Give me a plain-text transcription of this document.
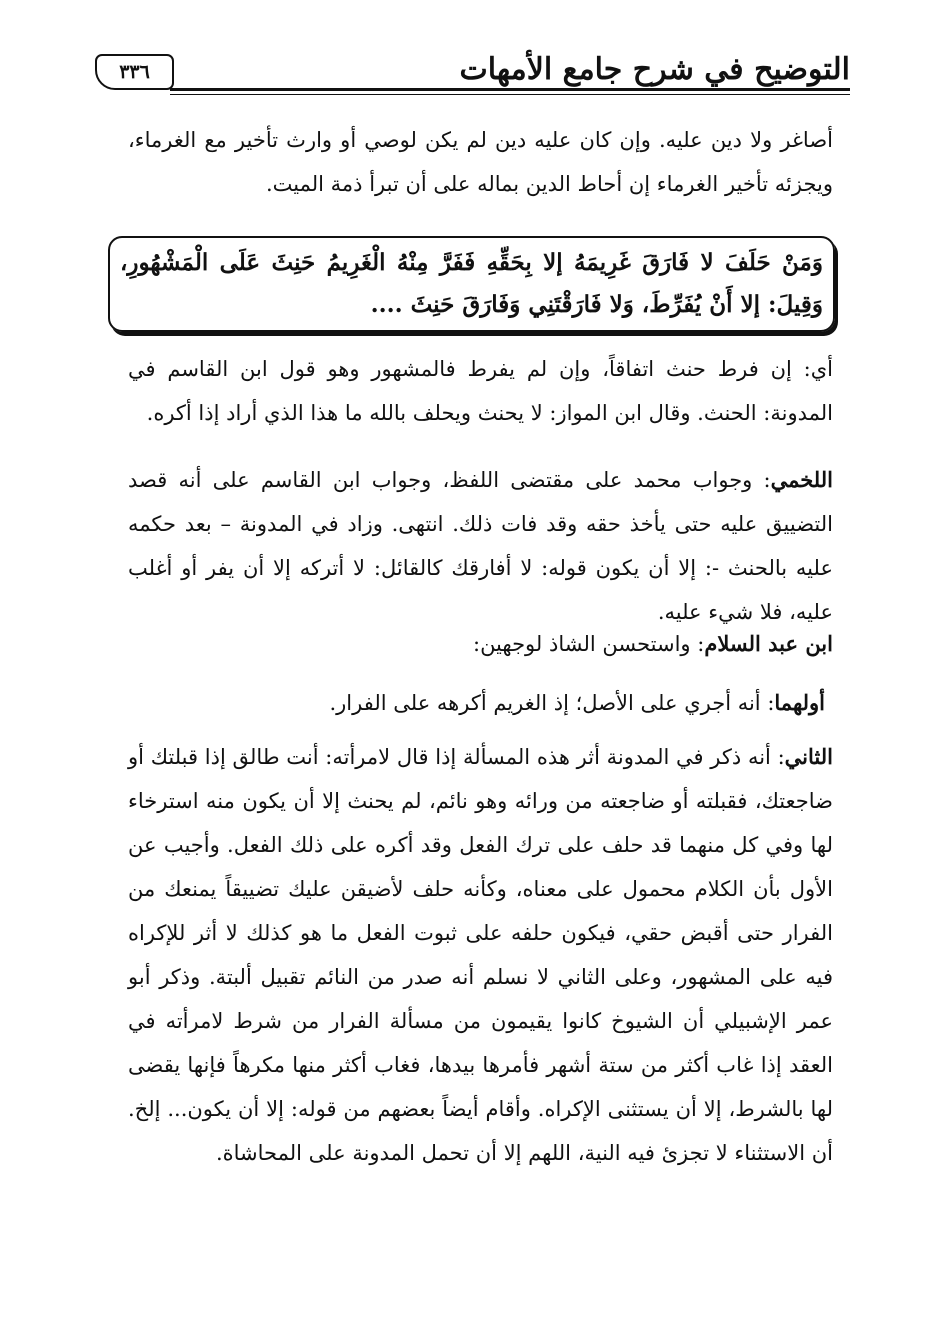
٣٣٦	التوضيح في شرح جامع الأمهات
أصاغر ولا دين عليه. وإن كان عليه دين لم يكن لوصي أو وارث تأخير مع الغرماء، ويجزئه تأخير الغرماء إن أحاط الدين بماله على أن تبرأ ذمة الميت.
وَمَنْ حَلَفَ لا فَارَقَ غَرِيمَهُ إلا بِحَقِّهِ فَفَرَّ مِنْهُ الْغَرِيمُ حَنِثَ عَلَى الْمَشْهُورِ، وَقِيلَ: إلا أَنْ يُفَرِّطَ، وَلا فَارَقْتَنِي وَفَارَقَ حَنِثَ ....
أي: إن فرط حنث اتفاقاً، وإن لم يفرط فالمشهور وهو قول ابن القاسم في المدونة: الحنث. وقال ابن المواز: لا يحنث ويحلف بالله ما هذا الذي أراد إذا أكره.
اللخمي: وجواب محمد على مقتضى اللفظ، وجواب ابن القاسم على أنه قصد التضييق عليه حتى يأخذ حقه وقد فات ذلك. انتهى. وزاد في المدونة – بعد حكمه عليه بالحنث -: إلا أن يكون قوله: لا أفارقك كالقائل: لا أتركه إلا أن يفر أو أغلب عليه، فلا شيء عليه.
ابن عبد السلام: واستحسن الشاذ لوجهين:
أولهما: أنه أجري على الأصل؛ إذ الغريم أكرهه على الفرار.
الثاني: أنه ذكر في المدونة أثر هذه المسألة إذا قال لامرأته: أنت طالق إذا قبلتك أو ضاجعتك، فقبلته أو ضاجعته من ورائه وهو نائم، لم يحنث إلا أن يكون منه استرخاء لها وفي كل منهما قد حلف على ترك الفعل وقد أكره على ذلك الفعل. وأجيب عن الأول بأن الكلام محمول على معناه، وكأنه حلف لأضيقن عليك تضييقاً يمنعك من الفرار حتى أقبض حقي، فيكون حلفه على ثبوت الفعل ما هو كذلك لا أثر للإكراه فيه على المشهور، وعلى الثاني لا نسلم أنه صدر من النائم تقبيل ألبتة. وذكر أبو عمر الإشبيلي أن الشيوخ كانوا يقيمون من مسألة الفرار من شرط لامرأته في العقد إذا غاب أكثر من ستة أشهر فأمرها بيدها، فغاب أكثر منها مكرهاً فإنها يقضى لها بالشرط، إلا أن يستثنى الإكراه. وأقام أيضاً بعضهم من قوله: إلا أن يكون... إلخ. أن الاستثناء لا تجزئ فيه النية، اللهم إلا أن تحمل المدونة على المحاشاة.
